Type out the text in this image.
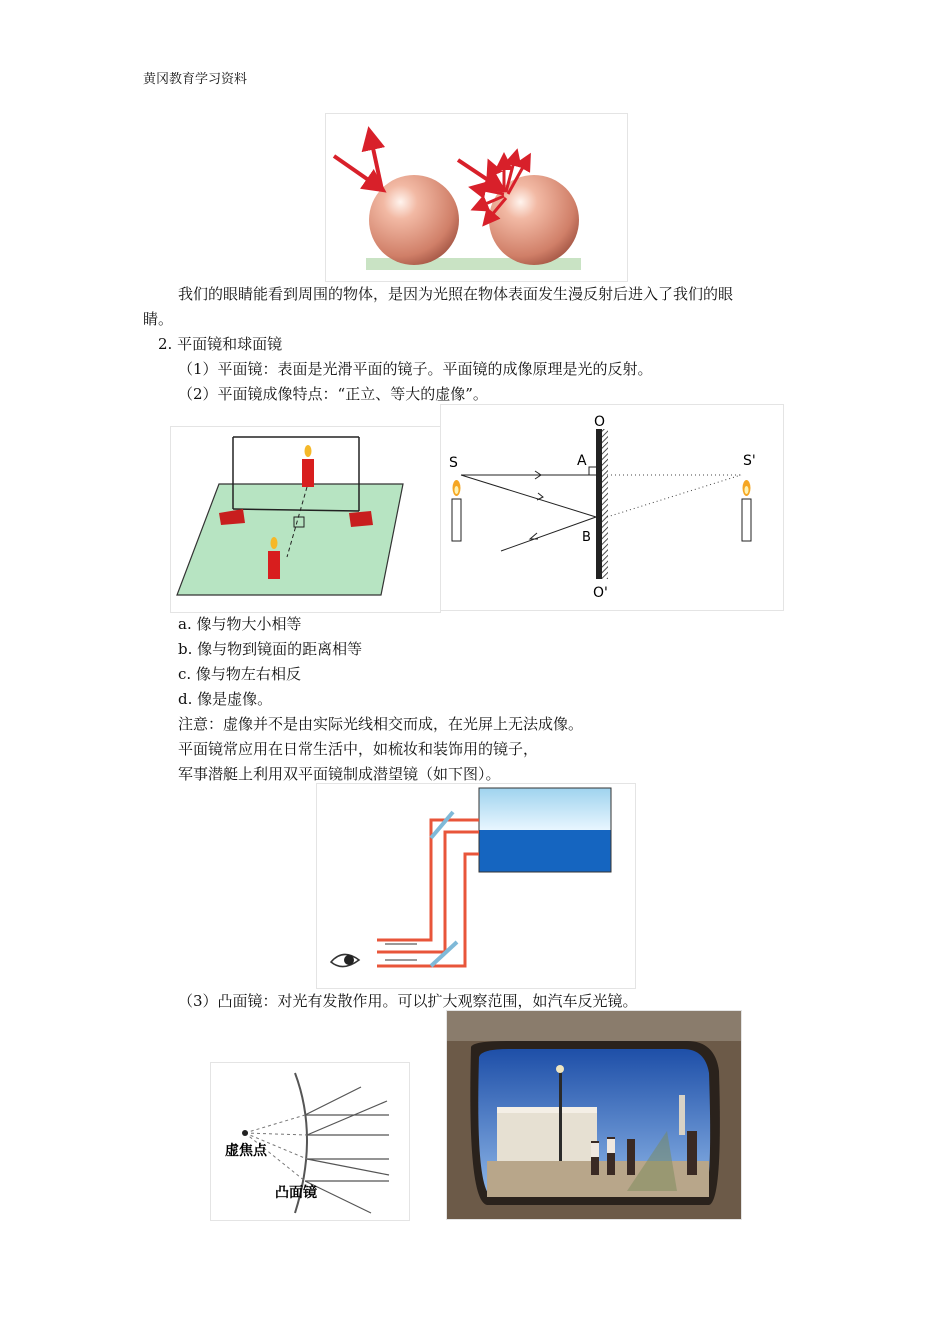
黄冈教育学习资料
我们的眼睛能看到周围的物体，是因为光照在物体表面发生漫反射后进入了我们的眼
睛。
2. 平面镜和球面镜
（1）平面镜：表面是光滑平面的镜子。平面镜的成像原理是光的反射。
（2）平面镜成像特点：“正立、等大的虚像”。
O
O'
S	S'
A
B
a. 像与物大小相等
b. 像与物到镜面的距离相等
c. 像与物左右相反
d. 像是虚像。
注意：虚像并不是由实际光线相交而成，在光屏上无法成像。
平面镜常应用在日常生活中，如梳妆和装饰用的镜子，
军事潜艇上利用双平面镜制成潜望镜（如下图）。
（3）凸面镜：对光有发散作用。可以扩大观察范围，如汽车反光镜。
虚焦点
凸面镜
